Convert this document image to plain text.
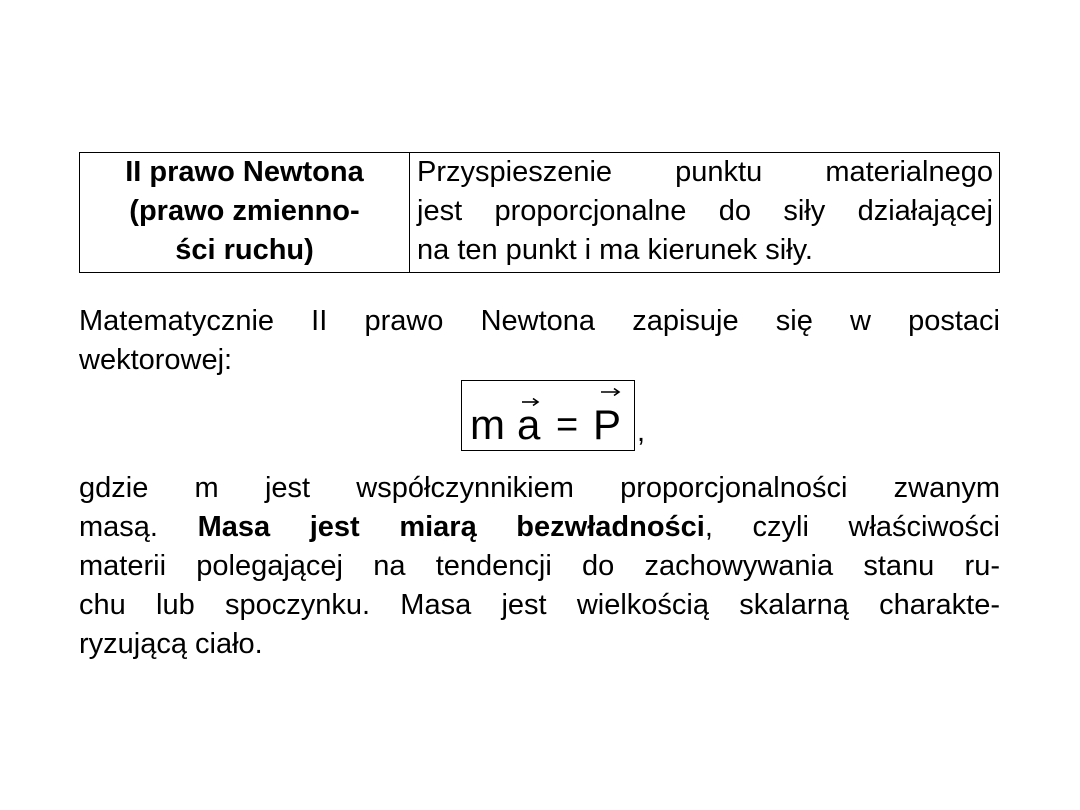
II prawo Newtona
(prawo zmienno-
ści ruchu)

Przyspieszenie punktu materialnego
jest proporcjonalne do siły działającej
na ten punkt i ma kierunek siły.
Matematycznie II prawo Newtona zapisuje się w postaci
wektorowej:
m a = P ,
gdzie m jest współczynnikiem proporcjonalności zwanym
masą. Masa jest miarą bezwładności, czyli właściwości
materii polegającej na tendencji do zachowywania stanu ru-
chu lub spoczynku. Masa jest wielkością skalarną charakte-
ryzującą ciało.
